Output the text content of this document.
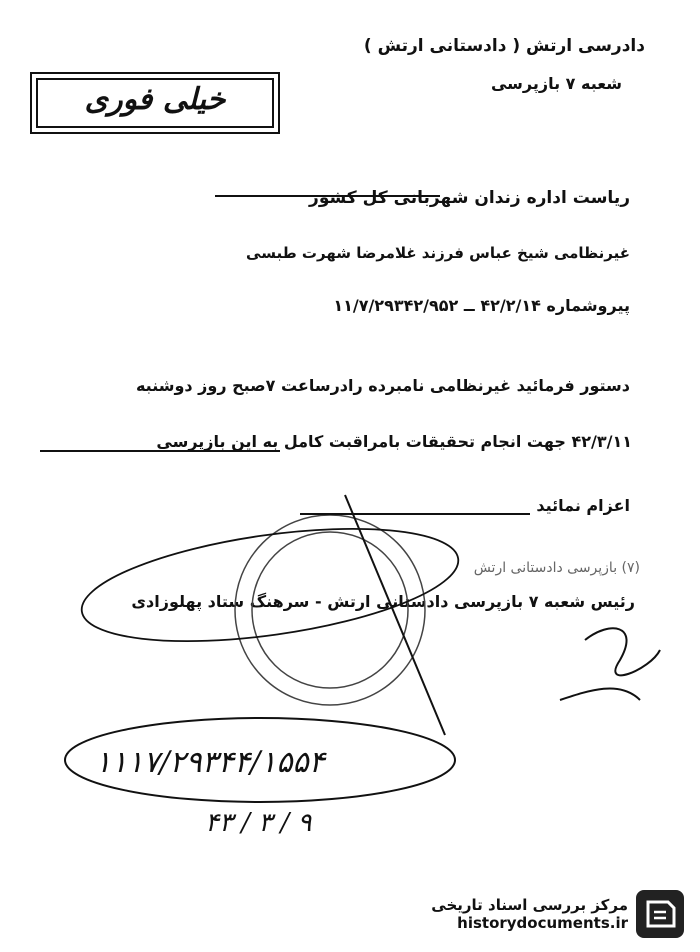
دادرسی ارتش ( دادستانی ارتش )
شعبه ۷ بازپرسی
خیلی فوری
ریاست اداره زندان شهربانی کل کشور
غیرنظامی شیخ عباس فرزند غلامرضا شهرت طبسی
پیروشماره ۴۲/۲/۱۴ ــ ۱۱/۷/۲۹۳۴۲/۹۵۲
دستور فرمائید غیرنظامی نامبرده رادرساعت ۷صبح روز دوشنبه
۴۲/۳/۱۱ جهت انجام تحقیقات بامراقبت کامل به این بازپرسی
اعزام نمائید
(۷) بازپرسی دادستانی ارتش
رئیس شعبه ۷ بازپرسی دادستانی ارتش - سرهنگ ستاد پهلوزادی
۱۱۱۷/۲۹۳۴۴/۱۵۵۴
۹ / ۳ / ۴۳
مرکز بررسی اسناد تاریخی
historydocuments.ir
